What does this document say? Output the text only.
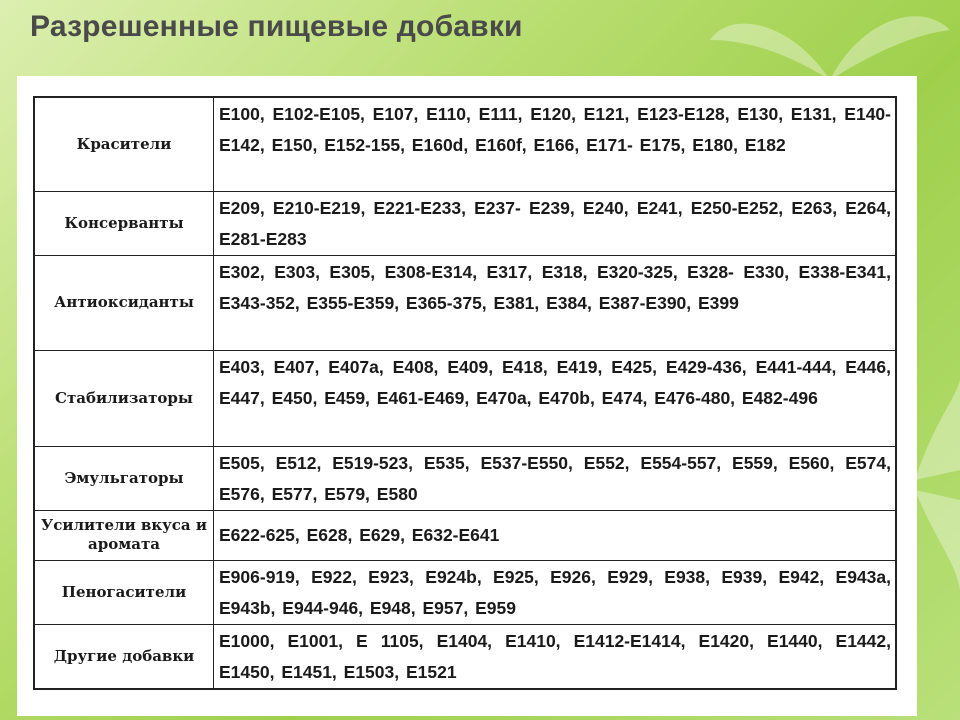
Разрешенные пищевые добавки
Красители	Е100, Е102-Е105, Е107, Е110, Е111, Е120, Е121, Е123-Е128, Е130, Е131, Е140-Е142, Е150, Е152-155, Е160d, Е160f, Е166, Е171- Е175, Е180, Е182
Консерванты	Е209, Е210-Е219, Е221-Е233, Е237- Е239, Е240, Е241, Е250-Е252, Е263, Е264, Е281-Е283
Антиоксиданты	Е302, Е303, Е305, Е308-Е314, Е317, Е318, Е320-325, Е328- Е330, Е338-Е341, Е343-352, Е355-Е359, Е365-375, Е381, Е384, Е387-Е390, Е399
Стабилизаторы	Е403, Е407, Е407а, Е408, Е409, Е418, Е419, Е425, Е429-436, Е441-444, Е446, Е447, Е450, Е459, Е461-Е469, Е470а, Е470b, Е474, Е476-480, Е482-496
Эмульгаторы	Е505, Е512, Е519-523, Е535, Е537-Е550, Е552, Е554-557, Е559, Е560, Е574, Е576, Е577, Е579, Е580
Усилители вкуса и аромата	Е622-625, Е628, Е629, Е632-Е641
Пеногасители	Е906-919, Е922, Е923, Е924b, Е925, Е926, Е929, Е938, Е939, Е942, Е943а, Е943b, Е944-946, Е948, Е957, Е959
Другие добавки	Е1000, Е1001, Е 1105, Е1404, Е1410, Е1412-Е1414, Е1420, Е1440, Е1442, Е1450, Е1451, Е1503, Е1521
